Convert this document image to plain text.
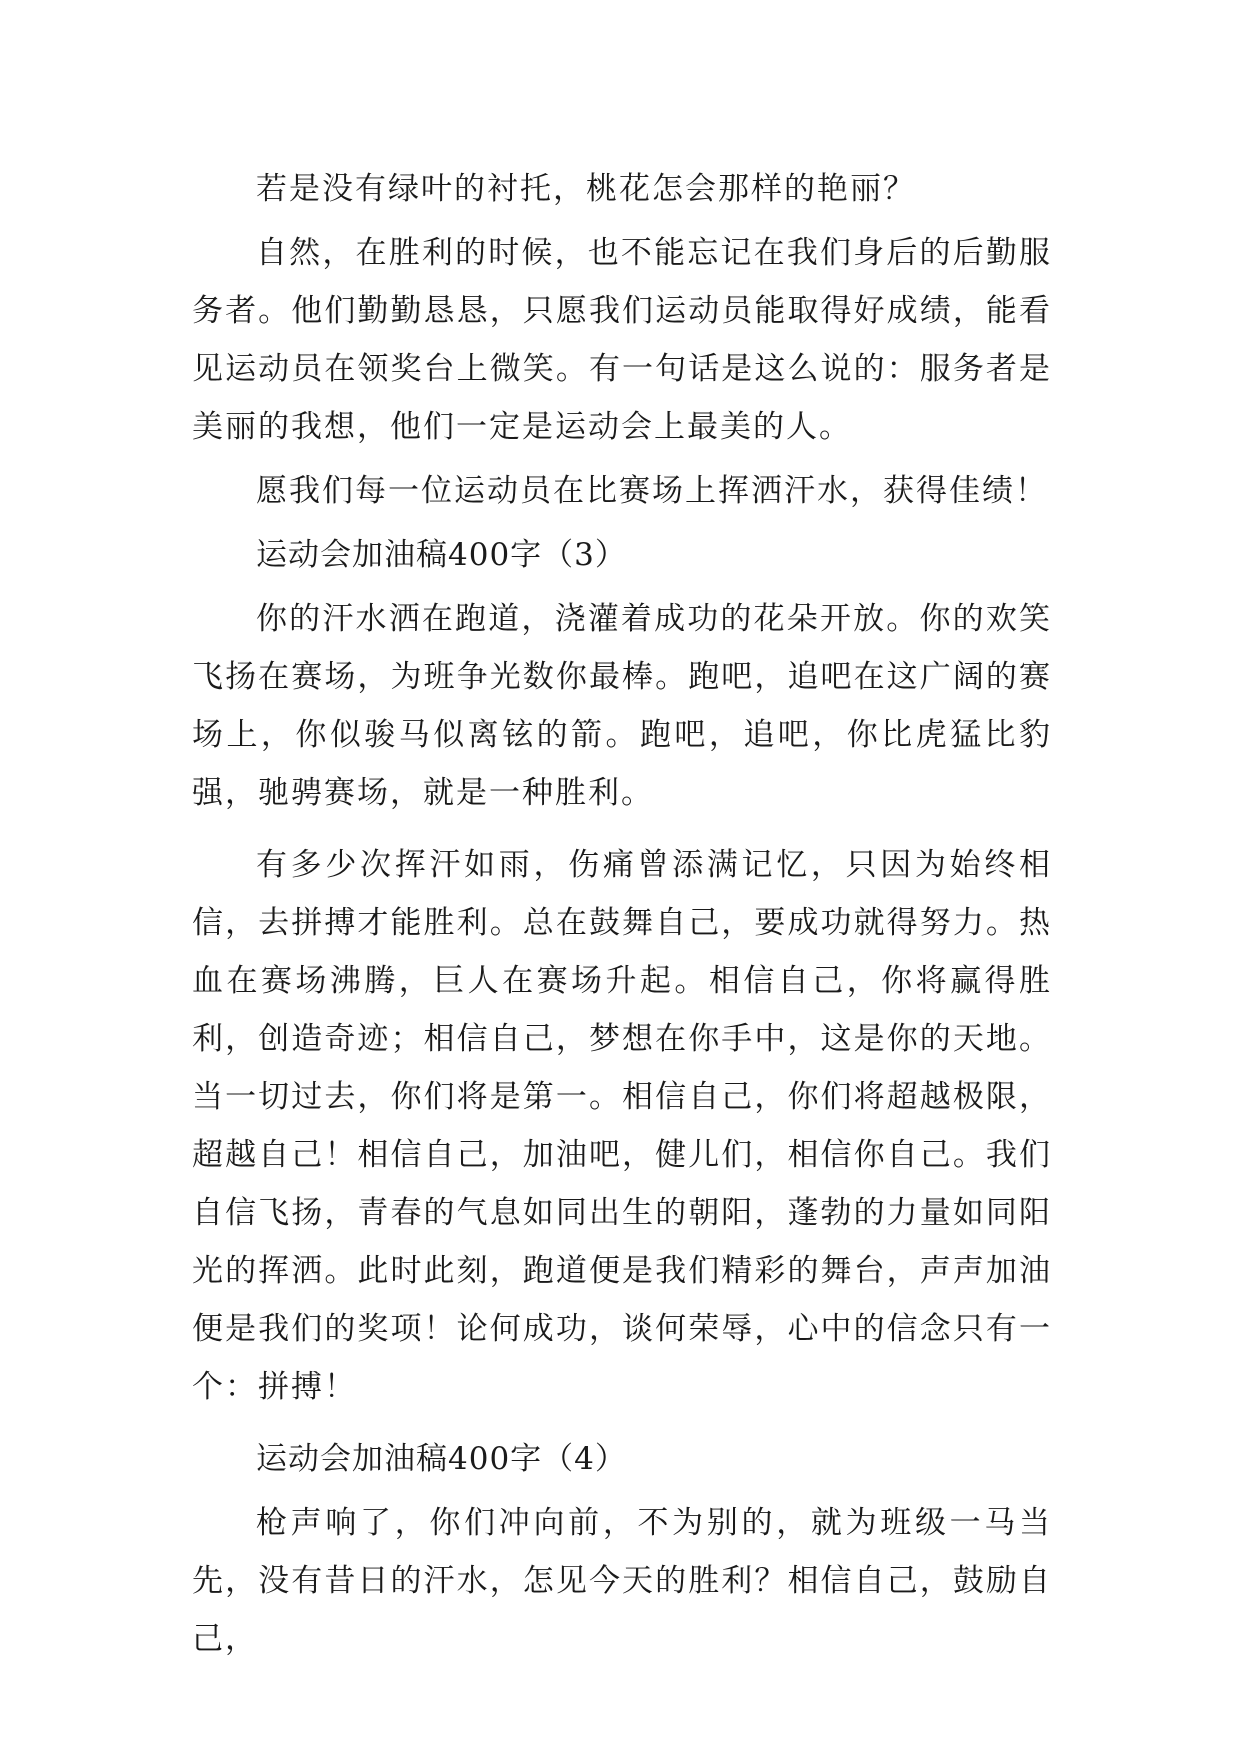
若是没有绿叶的衬托，桃花怎会那样的艳丽？

自然，在胜利的时候，也不能忘记在我们身后的后勤服务者。他们勤勤恳恳，只愿我们运动员能取得好成绩，能看见运动员在领奖台上微笑。有一句话是这么说的：服务者是美丽的我想，他们一定是运动会上最美的人。

愿我们每一位运动员在比赛场上挥洒汗水，获得佳绩！

运动会加油稿400字（3）

你的汗水洒在跑道，浇灌着成功的花朵开放。你的欢笑飞扬在赛场，为班争光数你最棒。跑吧，追吧在这广阔的赛场上，你似骏马似离铉的箭。跑吧，追吧，你比虎猛比豹强，驰骋赛场，就是一种胜利。

有多少次挥汗如雨，伤痛曾添满记忆，只因为始终相信，去拼搏才能胜利。总在鼓舞自己，要成功就得努力。热血在赛场沸腾，巨人在赛场升起。相信自己，你将赢得胜利，创造奇迹；相信自己，梦想在你手中，这是你的天地。当一切过去，你们将是第一。相信自己，你们将超越极限，超越自己！相信自己，加油吧，健儿们，相信你自己。我们自信飞扬，青春的气息如同出生的朝阳，蓬勃的力量如同阳光的挥洒。此时此刻，跑道便是我们精彩的舞台，声声加油便是我们的奖项！论何成功，谈何荣辱，心中的信念只有一个：拼搏！

运动会加油稿400字（4）

枪声响了，你们冲向前，不为别的，就为班级一马当先，没有昔日的汗水，怎见今天的胜利？相信自己，鼓励自己，
